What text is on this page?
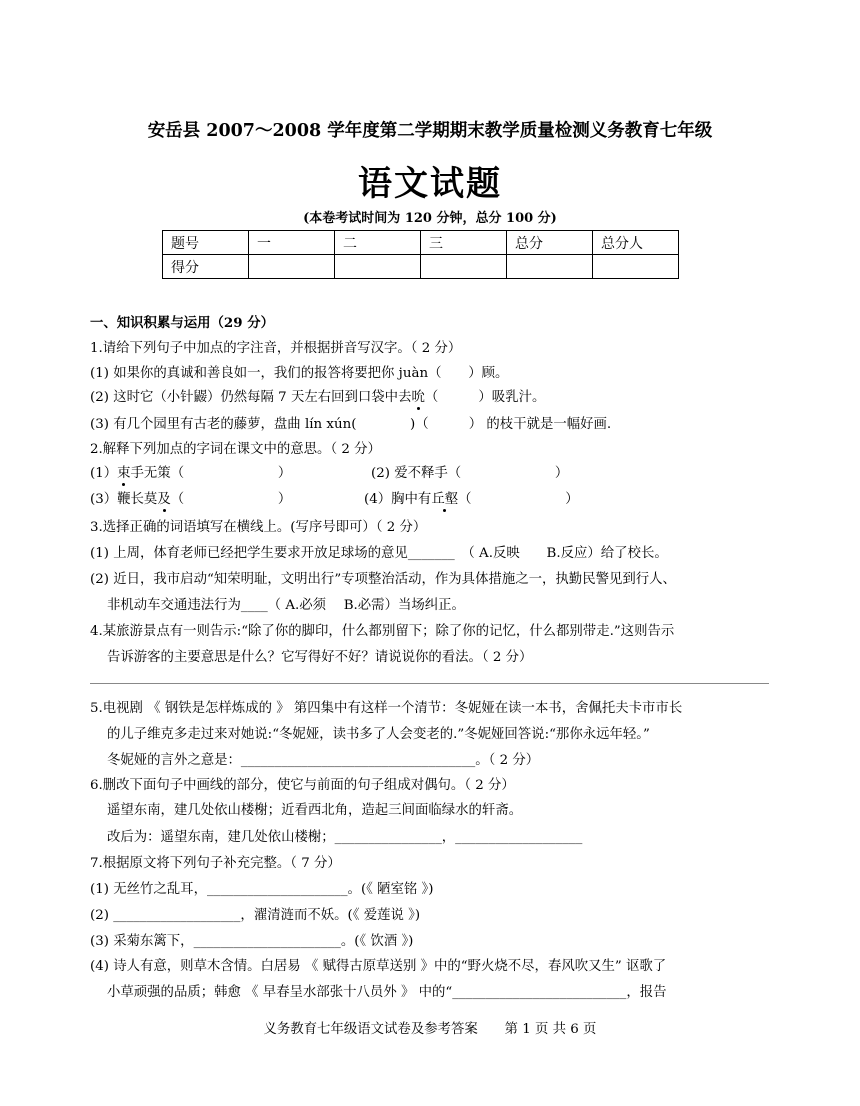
安岳县 2007～2008 学年度第二学期期末教学质量检测义务教育七年级
语文试题
(本卷考试时间为 120 分钟，总分 100 分)
题号	一	二	三	总分	总分人
得分					
一、知识积累与运用（29 分）
1.请给下列句子中加点的字注音，并根据拼音写汉字。（ 2 分）
(1) 如果你的真诚和善良如一，我们的报答将要把你 juàn（　　）顾。
(2) 这时它（小针鼹）仍然每隔 7 天左右回到口袋中去吮（　　　）吸乳汁。
(3) 有几个园里有古老的藤萝，盘曲 lín xún(　　　　)（　　　） 的枝干就是一幅好画.
2.解释下列加点的字词在课文中的意思。（ 2 分）
(1）束手无策（　　　　　　　）	(2) 爱不释手（　　　　　　　）
(3）鞭长莫及（　　　　　　　）	(4）胸中有丘壑（　　　　　　　）
3.选择正确的词语填写在横线上。(写序号即可）（ 2 分）
(1) 上周，体育老师已经把学生要求开放足球场的意见_______　（ A.反映　　B.反应）给了校长。
(2) 近日，我市启动“知荣明耻，文明出行”专项整治活动，作为具体措施之一，执勤民警见到行人、
非机动车交通违法行为____（ A.必须　 B.必需）当场纠正。
4.某旅游景点有一则告示:“除了你的脚印，什么都别留下；除了你的记忆，什么都别带走.”这则告示
告诉游客的主要意思是什么？它写得好不好？请说说你的看法。（ 2 分）
5.电视剧 《 钢铁是怎样炼成的 》 第四集中有这样一个清节：冬妮娅在读一本书，舍佩托夫卡市市长
的儿子维克多走过来对她说:“冬妮娅，读书多了人会变老的.”冬妮娅回答说:“那你永远年轻。”
冬妮娅的言外之意是：___________________________________。（ 2 分）
6.删改下面句子中画线的部分，使它与前面的句子组成对偶句。（ 2 分）
遥望东南，建几处依山楼榭；近看西北角，造起三间面临绿水的轩斋。
改后为：遥望东南，建几处依山楼榭；________________，___________________
7.根据原文将下列句子补充完整。（ 7 分）
(1) 无丝竹之乱耳，_____________________。(《 陋室铭 》)
(2) ___________________，濯清涟而不妖。(《 爱莲说 》)
(3) 采菊东篱下，______________________。(《 饮酒 》)
(4) 诗人有意，则草木含情。白居易 《 赋得古原草送别 》中的“野火烧不尽，春风吹又生” 讴歌了
小草顽强的品质；韩愈 《 早春呈水部张十八员外 》 中的“__________________________，报告
义务教育七年级语文试卷及参考答案　　第 1 页 共 6 页
